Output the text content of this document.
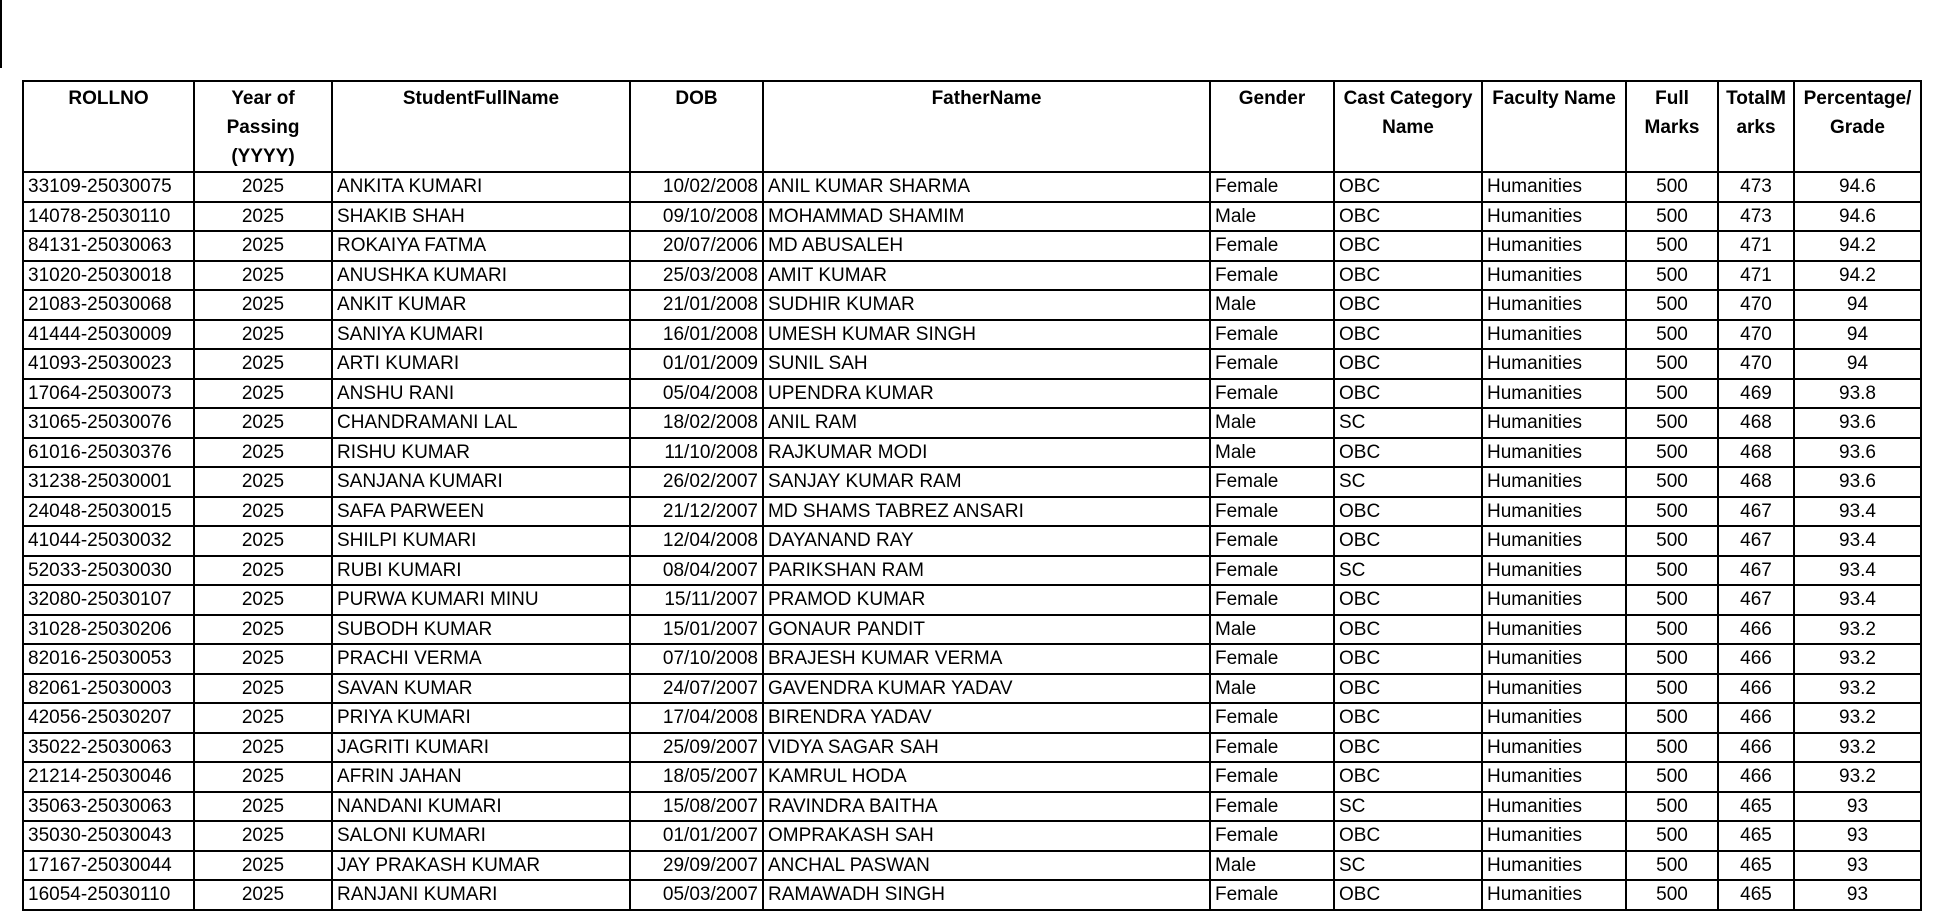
ROLLNO	Year of Passing (YYYY)	StudentFullName	DOB	FatherName	Gender	Cast Category Name	Faculty Name	Full Marks	TotalMarks	Percentage/ Grade
33109-25030075	2025	ANKITA KUMARI	10/02/2008	ANIL KUMAR SHARMA	Female	OBC	Humanities	500	473	94.6
14078-25030110	2025	SHAKIB SHAH	09/10/2008	MOHAMMAD SHAMIM	Male	OBC	Humanities	500	473	94.6
84131-25030063	2025	ROKAIYA FATMA	20/07/2006	MD ABUSALEH	Female	OBC	Humanities	500	471	94.2
31020-25030018	2025	ANUSHKA KUMARI	25/03/2008	AMIT KUMAR	Female	OBC	Humanities	500	471	94.2
21083-25030068	2025	ANKIT KUMAR	21/01/2008	SUDHIR KUMAR	Male	OBC	Humanities	500	470	94
41444-25030009	2025	SANIYA KUMARI	16/01/2008	UMESH KUMAR SINGH	Female	OBC	Humanities	500	470	94
41093-25030023	2025	ARTI KUMARI	01/01/2009	SUNIL SAH	Female	OBC	Humanities	500	470	94
17064-25030073	2025	ANSHU RANI	05/04/2008	UPENDRA KUMAR	Female	OBC	Humanities	500	469	93.8
31065-25030076	2025	CHANDRAMANI LAL	18/02/2008	ANIL RAM	Male	SC	Humanities	500	468	93.6
61016-25030376	2025	RISHU KUMAR	11/10/2008	RAJKUMAR MODI	Male	OBC	Humanities	500	468	93.6
31238-25030001	2025	SANJANA KUMARI	26/02/2007	SANJAY KUMAR RAM	Female	SC	Humanities	500	468	93.6
24048-25030015	2025	SAFA PARWEEN	21/12/2007	MD SHAMS TABREZ ANSARI	Female	OBC	Humanities	500	467	93.4
41044-25030032	2025	SHILPI KUMARI	12/04/2008	DAYANAND RAY	Female	OBC	Humanities	500	467	93.4
52033-25030030	2025	RUBI KUMARI	08/04/2007	PARIKSHAN RAM	Female	SC	Humanities	500	467	93.4
32080-25030107	2025	PURWA KUMARI MINU	15/11/2007	PRAMOD KUMAR	Female	OBC	Humanities	500	467	93.4
31028-25030206	2025	SUBODH KUMAR	15/01/2007	GONAUR PANDIT	Male	OBC	Humanities	500	466	93.2
82016-25030053	2025	PRACHI VERMA	07/10/2008	BRAJESH KUMAR VERMA	Female	OBC	Humanities	500	466	93.2
82061-25030003	2025	SAVAN KUMAR	24/07/2007	GAVENDRA KUMAR YADAV	Male	OBC	Humanities	500	466	93.2
42056-25030207	2025	PRIYA KUMARI	17/04/2008	BIRENDRA YADAV	Female	OBC	Humanities	500	466	93.2
35022-25030063	2025	JAGRITI KUMARI	25/09/2007	VIDYA SAGAR SAH	Female	OBC	Humanities	500	466	93.2
21214-25030046	2025	AFRIN JAHAN	18/05/2007	KAMRUL HODA	Female	OBC	Humanities	500	466	93.2
35063-25030063	2025	NANDANI KUMARI	15/08/2007	RAVINDRA BAITHA	Female	SC	Humanities	500	465	93
35030-25030043	2025	SALONI KUMARI	01/01/2007	OMPRAKASH SAH	Female	OBC	Humanities	500	465	93
17167-25030044	2025	JAY PRAKASH KUMAR	29/09/2007	ANCHAL PASWAN	Male	SC	Humanities	500	465	93
16054-25030110	2025	RANJANI KUMARI	05/03/2007	RAMAWADH SINGH	Female	OBC	Humanities	500	465	93
